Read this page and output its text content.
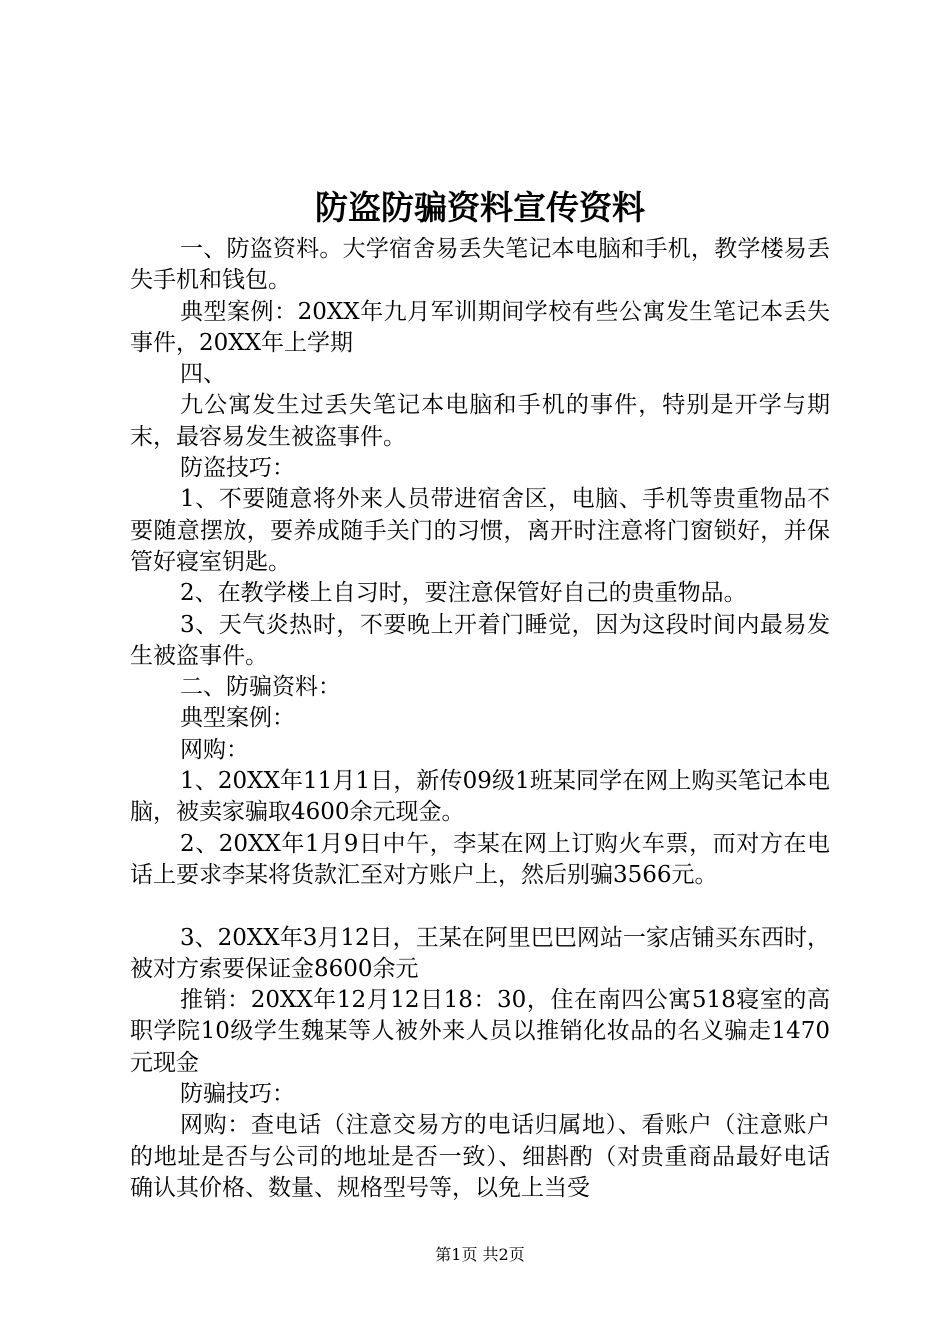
防盗防骗资料宣传资料

一、防盗资料。大学宿舍易丢失笔记本电脑和手机，教学楼易丢失手机和钱包。

典型案例：20XX年九月军训期间学校有些公寓发生笔记本丢失事件，20XX年上学期

四、

九公寓发生过丢失笔记本电脑和手机的事件，特别是开学与期末，最容易发生被盗事件。

防盗技巧：

1、不要随意将外来人员带进宿舍区，电脑、手机等贵重物品不要随意摆放，要养成随手关门的习惯，离开时注意将门窗锁好，并保管好寝室钥匙。

2、在教学楼上自习时，要注意保管好自己的贵重物品。

3、天气炎热时，不要晚上开着门睡觉，因为这段时间内最易发生被盗事件。

二、防骗资料：

典型案例：

网购：

1、20XX年11月1日，新传09级1班某同学在网上购买笔记本电脑，被卖家骗取4600余元现金。

2、20XX年1月9日中午，李某在网上订购火车票，而对方在电话上要求李某将货款汇至对方账户上，然后别骗3566元。

3、20XX年3月12日，王某在阿里巴巴网站一家店铺买东西时，被对方索要保证金8600余元

推销：20XX年12月12日18：30，住在南四公寓518寝室的高职学院10级学生魏某等人被外来人员以推销化妆品的名义骗走1470元现金

防骗技巧：

网购：查电话（注意交易方的电话归属地）、看账户（注意账户的地址是否与公司的地址是否一致）、细斟酌（对贵重商品最好电话确认其价格、数量、规格型号等，以免上当受

第1页 共2页
